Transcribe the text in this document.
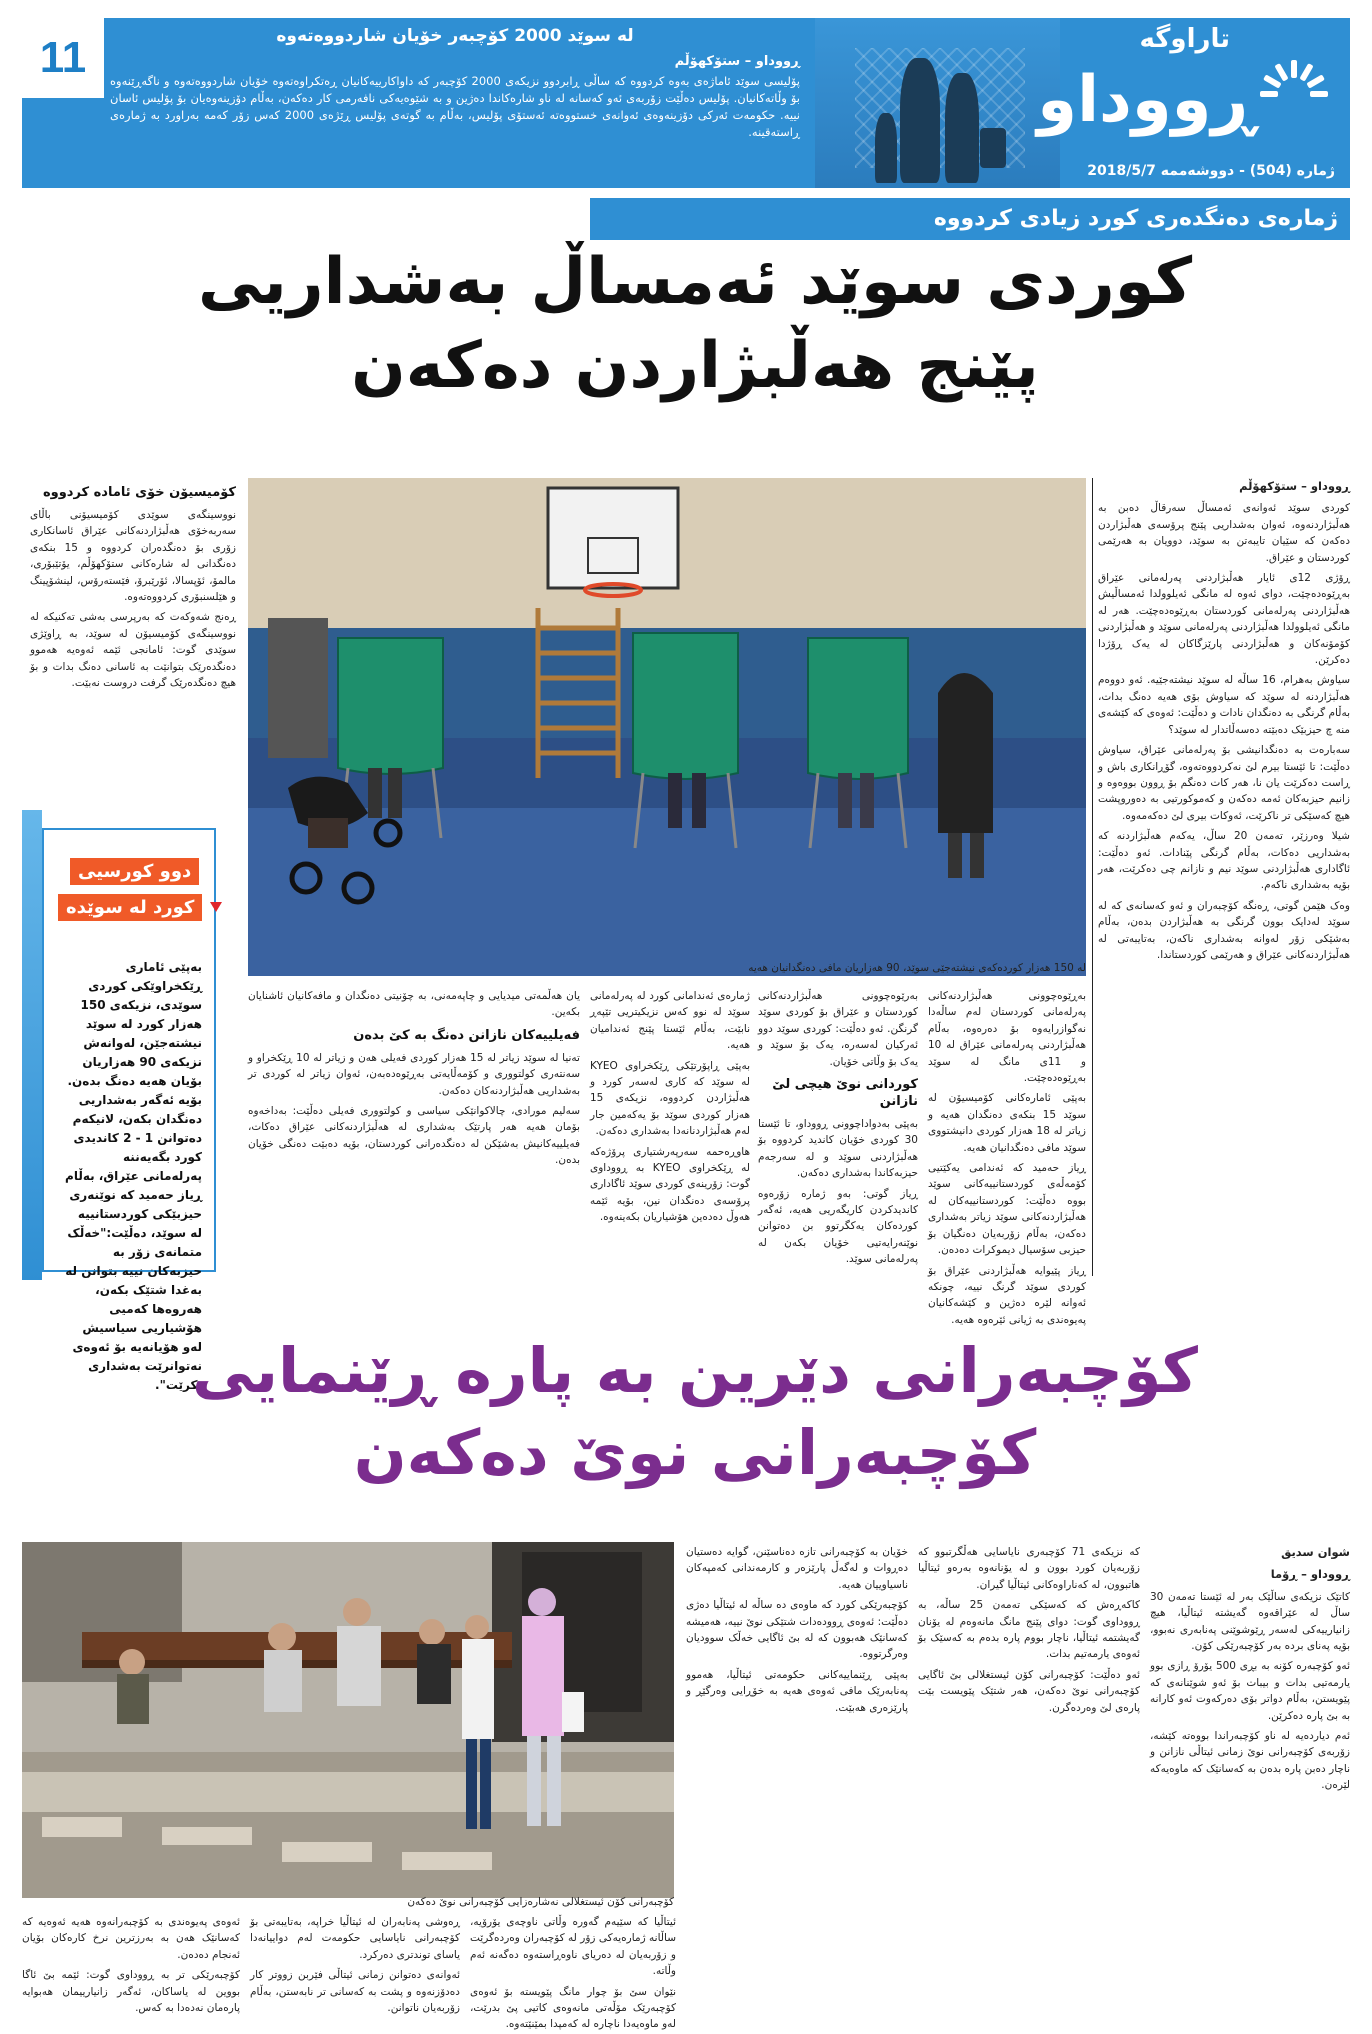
11	لە سوێد 2000 کۆچبەر خۆیان شاردووەتەوە
ڕووداو – ستۆکهۆڵم
پۆلیسی سوێد ئاماژەی بەوە کردووە کە ساڵی ڕابردوو نزیکەی 2000 کۆچبەر کە داواکارییەکانیان ڕەتکراوەتەوە خۆیان شاردووەتەوە و ناگەڕێنەوە بۆ وڵاتەکانیان. پۆلیس دەڵێت زۆربەی ئەو کەسانە لە ناو شارەکاندا دەژین و بە شێوەیەکی نافەرمی کار دەکەن، بەڵام دۆزینەوەیان بۆ پۆلیس ئاسان نییە. حکومەت ئەرکی دۆزینەوەی ئەوانەی خستووەتە ئەستۆی پۆلیس، بەڵام بە گوتەی پۆلیس ڕێژەی 2000 کەس زۆر کەمە بەراورد بە ژمارەی ڕاستەقینە.
تاراوگە
ڕووداو
ژمارە (504) - دووشەممە 2018/5/7
ژمارەی دەنگدەری کورد زیادی کردووە
کوردی سوێد ئەمساڵ بەشداریی
پێنج هەڵبژاردن دەکەن
ڕووداو – ستۆکهۆڵم

کوردی سوێد ئەوانەی ئەمساڵ سەرقاڵ دەبن بە هەڵبژاردنەوە، ئەوان بەشداریی پێنج پرۆسەی هەڵبژاردن دەکەن کە سێیان تایبەتن بە سوێد، دوویان بە هەرێمی کوردستان و عێراق.

ڕۆژی 12ی ئایار هەڵبژاردنی پەرلەمانی عێراق بەڕێوەدەچێت، دوای ئەوە لە مانگی ئەیلوولدا ئەمساڵیش هەڵبژاردنی پەرلەمانی کوردستان بەڕێوەدەچێت. هەر لە مانگی ئەیلوولدا هەڵبژاردنی پەرلەمانی سوێد و هەڵبژاردنی کۆمۆنەکان و هەڵبژاردنی پارێزگاکان لە یەک ڕۆژدا دەکرێن.

سیاوش بەهرام، 16 ساڵە لە سوێد نیشتەجێیە. ئەو دووەم هەڵبژاردنە لە سوێد کە سیاوش بۆی هەیە دەنگ بدات، بەڵام گرنگی بە دەنگدان نادات و دەڵێت: ئەوەی کە کێشەی منە چ حیزبێک دەبێتە دەسەڵاتدار لە سوێد؟

سەبارەت بە دەنگدانیشی بۆ پەرلەمانی عێراق، سیاوش دەڵێت: تا ئێستا بیرم لێ نەکردووەتەوە، گۆڕانکاری باش و ڕاست دەکرێت یان نا، هەر کات دەنگم بۆ ڕوون بووەوە و زانیم حیزبەکان ئەمە دەکەن و کەموکورتیی بە دەوروپشت هیچ کەسێکی تر ناکرێت، ئەوکات بیری لێ دەکەمەوە.

شیلا وەرزێر، تەمەن 20 ساڵ، یەکەم هەڵبژاردنە کە بەشداریی دەکات، بەڵام گرنگی پێنادات. ئەو دەڵێت: ئاگاداری هەڵبژاردنی سوێد نیم و نازانم چی دەکرێت، هەر بۆیە بەشداری ناکەم.

وەک هێمن گوتی، ڕەنگە کۆچبەران و ئەو کەسانەی کە لە سوێد لەدایک بوون گرنگی بە هەڵبژاردن بدەن، بەڵام بەشێکی زۆر لەوانە بەشداری ناکەن، بەتایبەتی لە هەڵبژاردنەکانی عێراق و هەرێمی کوردستاندا.

بەڕێوەچوونی هەڵبژاردنەکانی پەرلەمانی کوردستان لەم ساڵەدا نەگوازرایەوە بۆ دەرەوە، بەڵام هەڵبژاردنی پەرلەمانی عێراق لە 10 و 11ی مانگ لە سوێد بەڕێوەدەچێت.

بەپێی ئامارەکانی کۆمیسیۆن لە سوێد 15 بنکەی دەنگدان هەیە و زیاتر لە 18 هەزار کوردی دانیشتووی سوێد مافی دەنگدانیان هەیە.

ڕیاز حەمید کە ئەندامی یەکێتیی کۆمەڵەی کوردستانییەکانی سوێد بووە دەڵێت: کوردستانییەکان لە هەڵبژاردنەکانی سوێد زیاتر بەشداری دەکەن، بەڵام زۆربەیان دەنگیان بۆ حیزبی سۆسیال دیموکرات دەدەن.

ڕیاز پێیوایە هەڵبژاردنی عێراق بۆ کوردی سوێد گرنگ نییە، چونکە ئەوانە لێرە دەژین و کێشەکانیان پەیوەندی بە ژیانی ئێرەوە هەیە.

بەرێوەچوونی هەڵبژاردنەکانی کوردستان و عێراق بۆ کوردی سوێد گرنگن. ئەو دەڵێت: کوردی سوێد دوو ئەرکیان لەسەرە، یەک بۆ سوێد و یەک بۆ وڵاتی خۆیان.

کوردانی نوێ هیچی لێ نازانن

بەپێی بەدواداچوونی ڕووداو، تا ئێستا 30 کوردی خۆیان کاندید کردووە بۆ هەڵبژاردنی سوێد و لە سەرجەم حیزبەکاندا بەشداری دەکەن.

ڕیاز گوتی: بەو ژمارە زۆرەوە کاندیدکردن کاریگەریی هەیە، ئەگەر کوردەکان یەکگرتوو بن دەتوانن نوێنەرایەتیی خۆیان بکەن لە پەرلەمانی سوێد.

ژمارەی ئەندامانی کورد لە پەرلەمانی سوێد لە نوو کەس نزیکیتریی تێپەڕ نابێت، بەڵام ئێستا پێنج ئەندامیان هەیە.

بەپێی ڕاپۆرتێکی ڕێکخراوی KYEO لە سوێد کە کاری لەسەر کورد و هەڵبژاردن کردووە، نزیکەی 15 هەزار کوردی سوێد بۆ یەکەمین جار لەم هەڵبژاردنانەدا بەشداری دەکەن.

هاوڕەحمە سەرپەرشتیاری پرۆژەکە لە ڕێکخراوی KYEO بە ڕووداوی گوت: زۆرینەی کوردی سوێد ئاگاداری پرۆسەی دەنگدان نین، بۆیە ئێمە هەوڵ دەدەین هۆشیاریان بکەینەوە.

یان هەڵمەتی میدیایی و چاپەمەنی، بە چۆنیتی دەنگدان و مافەکانیان ئاشنایان بکەین.

فەیلییەکان نازانن دەنگ بە کێ بدەن

تەنیا لە سوێد زیاتر لە 15 هەزار کوردی فەیلی هەن و زیاتر لە 10 ڕێکخراو و سەنتەری کولتووری و کۆمەڵایەتی بەڕێوەدەبەن، ئەوان زیاتر لە کوردی تر بەشداریی هەڵبژاردنەکان دەکەن.

سەلیم مورادی، چالاکوانێکی سیاسی و کولتووری فەیلی دەڵێت: بەداخەوە بۆمان هەیە هەر پارتێک بەشداری لە هەڵبژاردنەکانی عێراق دەکات، فەیلییەکانیش بەشێکن لە دەنگدەرانی کوردستان، بۆیە دەبێت دەنگی خۆیان بدەن.

لە 150 هەزار کوردەکەی نیشتەجێی سوێد، 90 هەزاریان مافی دەنگدانیان هەیە
کۆمیسیۆن خۆی ئامادە کردووە

نووسینگەی سوێدی کۆمیسیۆنی باڵای سەربەخۆی هەڵبژاردنەکانی عێراق ئاسانکاری زۆری بۆ دەنگدەران کردووە و 15 بنکەی دەنگدانی لە شارەکانی ستۆکهۆڵم، یۆتێبۆری، مالمۆ، ئۆپسالا، ئۆرێبرۆ، فێستەرۆس، لینشۆپینگ و هێلسنبۆری کردووەتەوە.

ڕەنج شەوکەت کە بەرپرسی بەشی تەکنیکە لە نووسینگەی کۆمیسیۆن لە سوێد، بە ڕاوێژی سوێدی گوت: ئامانجی ئێمە ئەوەیە هەموو دەنگدەرێک بتوانێت بە ئاسانی دەنگ بدات و بۆ هیچ دەنگدەرێک گرفت دروست نەبێت.

دوو کورسیی
کورد لە سوێدە
بەپێی ئاماری ڕێکخراوێکی کوردی سوێدی، نزیکەی 150 هەزار کورد لە سوێد نیشتەجێن، لەوانەش نزیکەی 90 هەزاریان بۆیان هەیە دەنگ بدەن. بۆیە ئەگەر بەشداریی دەنگدان بکەن، لانیکەم دەتوانن 1 - 2 کاندیدی کورد بگەیەننە پەرلەمانی عێراق، بەڵام ڕیاز حەمید کە نوێنەری حیزبێکی کوردستانییە لە سوێد، دەڵێت:"خەڵک متمانەی زۆر بە حیزبەکان نییە بتوانن لە بەغدا شتێک بکەن، هەروەها کەمیی هۆشیاریی سیاسیش لەو هۆیانەیە بۆ ئەوەی نەتوانرێت بەشداری بکرێت".
کۆچبەرانی دێرین بە پارە ڕێنمایی
کۆچبەرانی نوێ دەکەن
شوان سدیق
ڕووداو – ڕۆما

کاتێک نزیکەی ساڵێک بەر لە ئێستا تەمەن 30 ساڵ لە عێراقەوە گەیشتە ئیتاڵیا، هیچ زانیارییەکی لەسەر ڕێوشوێنی پەنابەری نەبوو، بۆیە پەنای بردە بەر کۆچبەرێکی کۆن.

ئەو کۆچبەرە کۆنە بە بڕی 500 یۆرۆ ڕازی بوو یارمەتیی بدات و بیبات بۆ ئەو شوێنانەی کە پێویستن، بەڵام دواتر بۆی دەرکەوت ئەو کارانە بە بێ پارە دەکرێن.

ئەم دیاردەیە لە ناو کۆچبەراندا بووەتە کێشە، زۆربەی کۆچبەرانی نوێ زمانی ئیتاڵی نازانن و ناچار دەبن پارە بدەن بە کەسانێک کە ماوەیەکە لێرەن.

کە نزیکەی 71 کۆچبەری نایاسایی هەڵگرتبوو کە زۆربەیان کورد بوون و لە یۆنانەوە بەرەو ئیتاڵیا هاتبوون، لە کەناراوەکانی ئیتاڵیا گیران.

کاکەڕەش کە کەسێکی تەمەن 25 ساڵە، بە ڕووداوی گوت: دوای پێنج مانگ مانەوەم لە یۆنان گەیشتمە ئیتاڵیا، ناچار بووم پارە بدەم بە کەسێک بۆ ئەوەی یارمەتیم بدات.

ئەو دەڵێت: کۆچبەرانی کۆن ئیستغلالی بێ ئاگایی کۆچبەرانی نوێ دەکەن، هەر شتێک پێویست بێت پارەی لێ وەردەگرن.

خۆیان بە کۆچبەرانی تازە دەناسێنن، گوایە دەستیان دەڕوات و لەگەڵ پارێزەر و کارمەندانی کەمپەکان ناسیاوییان هەیە.

کۆچبەرێکی کورد کە ماوەی دە ساڵە لە ئیتاڵیا دەژی دەڵێت: ئەوەی ڕوودەدات شتێکی نوێ نییە، هەمیشە کەسانێک هەبوون کە لە بێ ئاگایی خەڵک سوودیان وەرگرتووە.

بەپێی ڕێنماییەکانی حکومەتی ئیتاڵیا، هەموو پەنابەرێک مافی ئەوەی هەیە بە خۆڕایی وەرگێڕ و پارێزەری هەبێت.

کۆچبەرانی کۆن ئیستغلالی نەشارەزایی کۆچبەرانی نوێ دەکەن

ئیتاڵیا کە سێیەم گەورە وڵاتی ناوچەی یۆرۆیە، ساڵانە ژمارەیەکی زۆر لە کۆچبەران وەردەگرێت و زۆربەیان لە دەریای ناوەڕاستەوە دەگەنە ئەم وڵاتە.

نێوان سێ بۆ چوار مانگ پێویستە بۆ ئەوەی کۆچبەرێک مۆڵەتی مانەوەی کاتیی پێ بدرێت، لەو ماوەیەدا ناچارە لە کەمپدا بمێنێتەوە.

ڕەوشی پەنابەران لە ئیتاڵیا خراپە، بەتایبەتی بۆ کۆچبەرانی نایاسایی حکومەت لەم دواییانەدا یاسای توندتری دەرکرد.

ئەوانەی دەتوانن زمانی ئیتاڵی فێربن زووتر کار دەدۆزنەوە و پشت بە کەسانی تر نابەستن، بەڵام زۆربەیان ناتوانن.

ئەوەی پەیوەندی بە کۆچبەرانەوە هەیە ئەوەیە کە کەسانێک هەن بە بەرزترین نرخ کارەکان بۆیان ئەنجام دەدەن.

کۆچبەرێکی تر بە ڕووداوی گوت: ئێمە بێ ئاگا بووین لە یاساکان، ئەگەر زانیارییمان هەبوایە پارەمان نەدەدا بە کەس.
